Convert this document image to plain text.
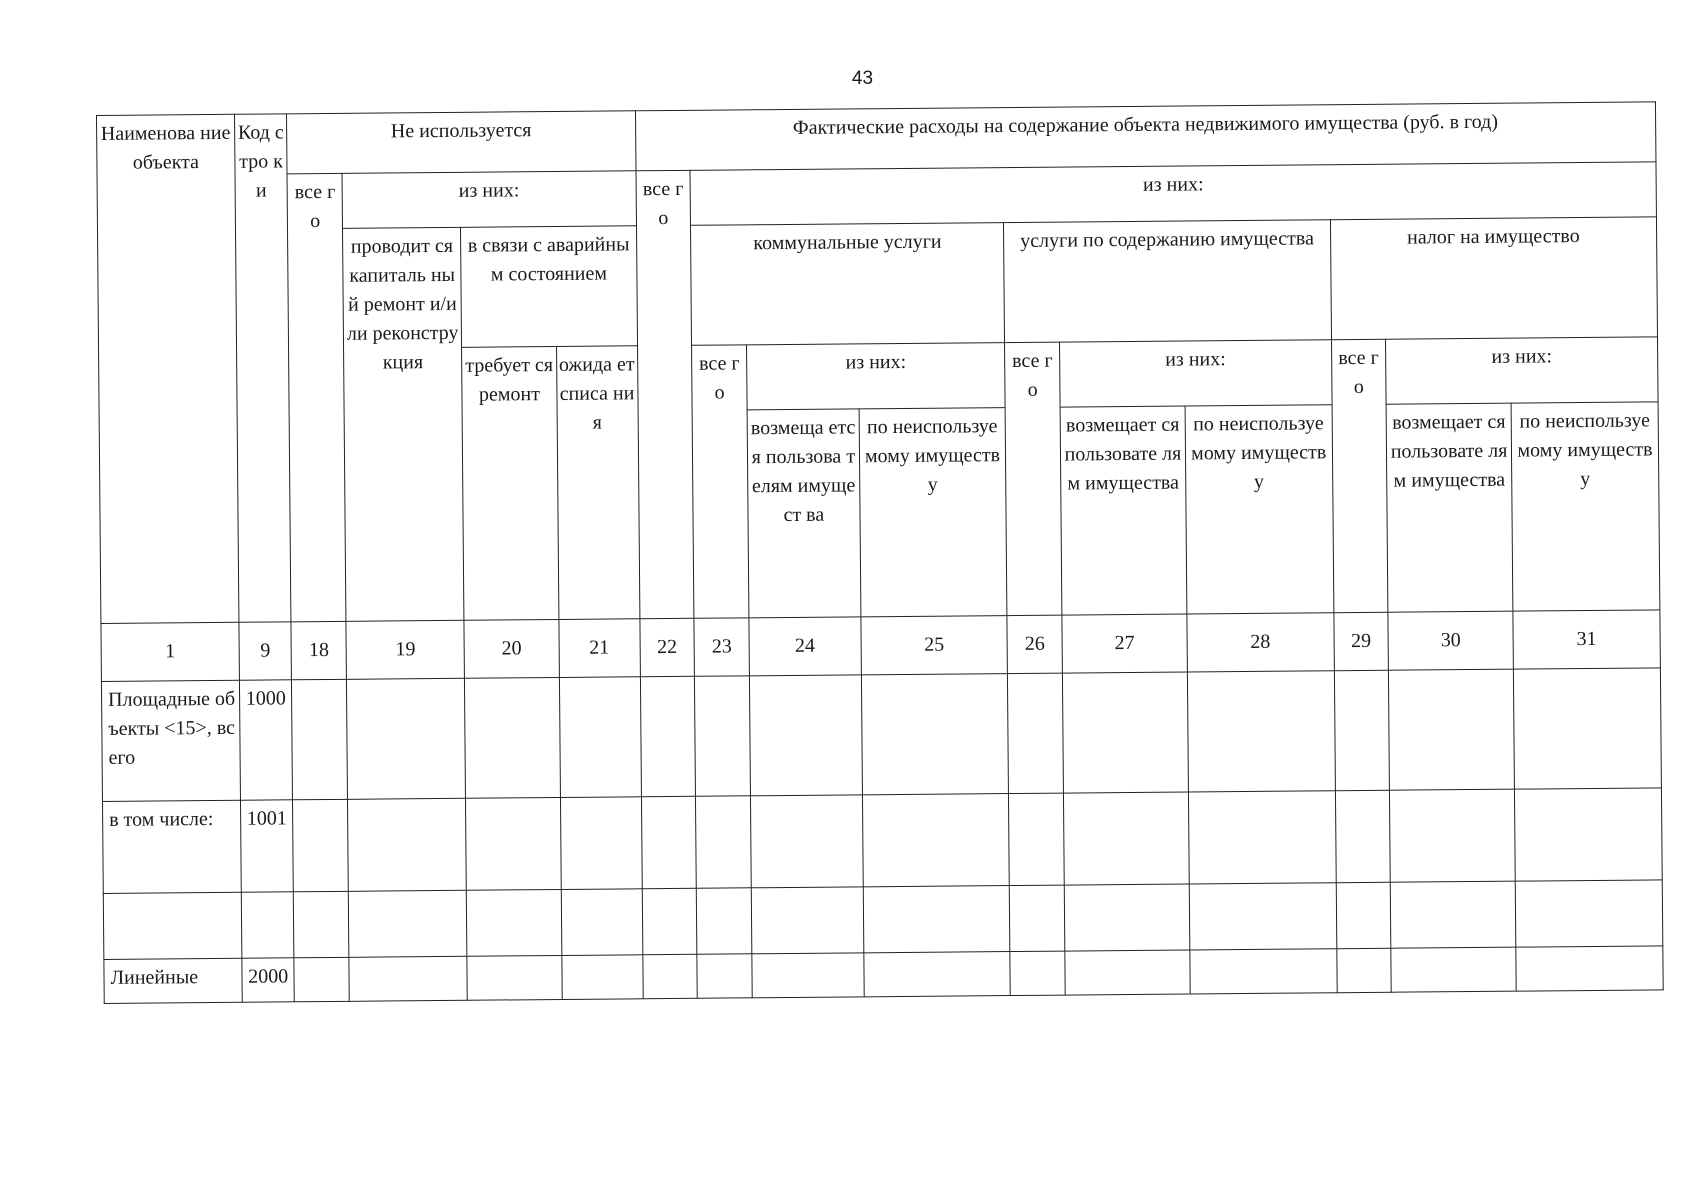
43
Наименова ние объекта	Код стро ки	Не используется				Фактические расходы на содержание объекта недвижимого имущества (руб. в год)									
		все го	из них:			все го	из них:								
			проводит ся капиталь ный ремонт и/или реконстру кция	в связи с аварийным состоянием			коммунальные услуги			услуги по содержанию имущества			налог на имущество		
				требует ся ремонт	ожида ет списа ния		все го	из них:		все го	из них:		все го	из них:	
								возмеща ется пользова телям имущест ва	по неиспользуе мому имуществу		возмещает ся пользовате лям имущества	по неиспользуе мому имуществу		возмещает ся пользовате лям имущества	по неиспользуе мому имуществу
1	9	18	19	20	21	22	23	24	25	26	27	28	29	30	31
Площадные объекты <15>, всего	1000														
в том числе:	1001														

Линейные	2000														
